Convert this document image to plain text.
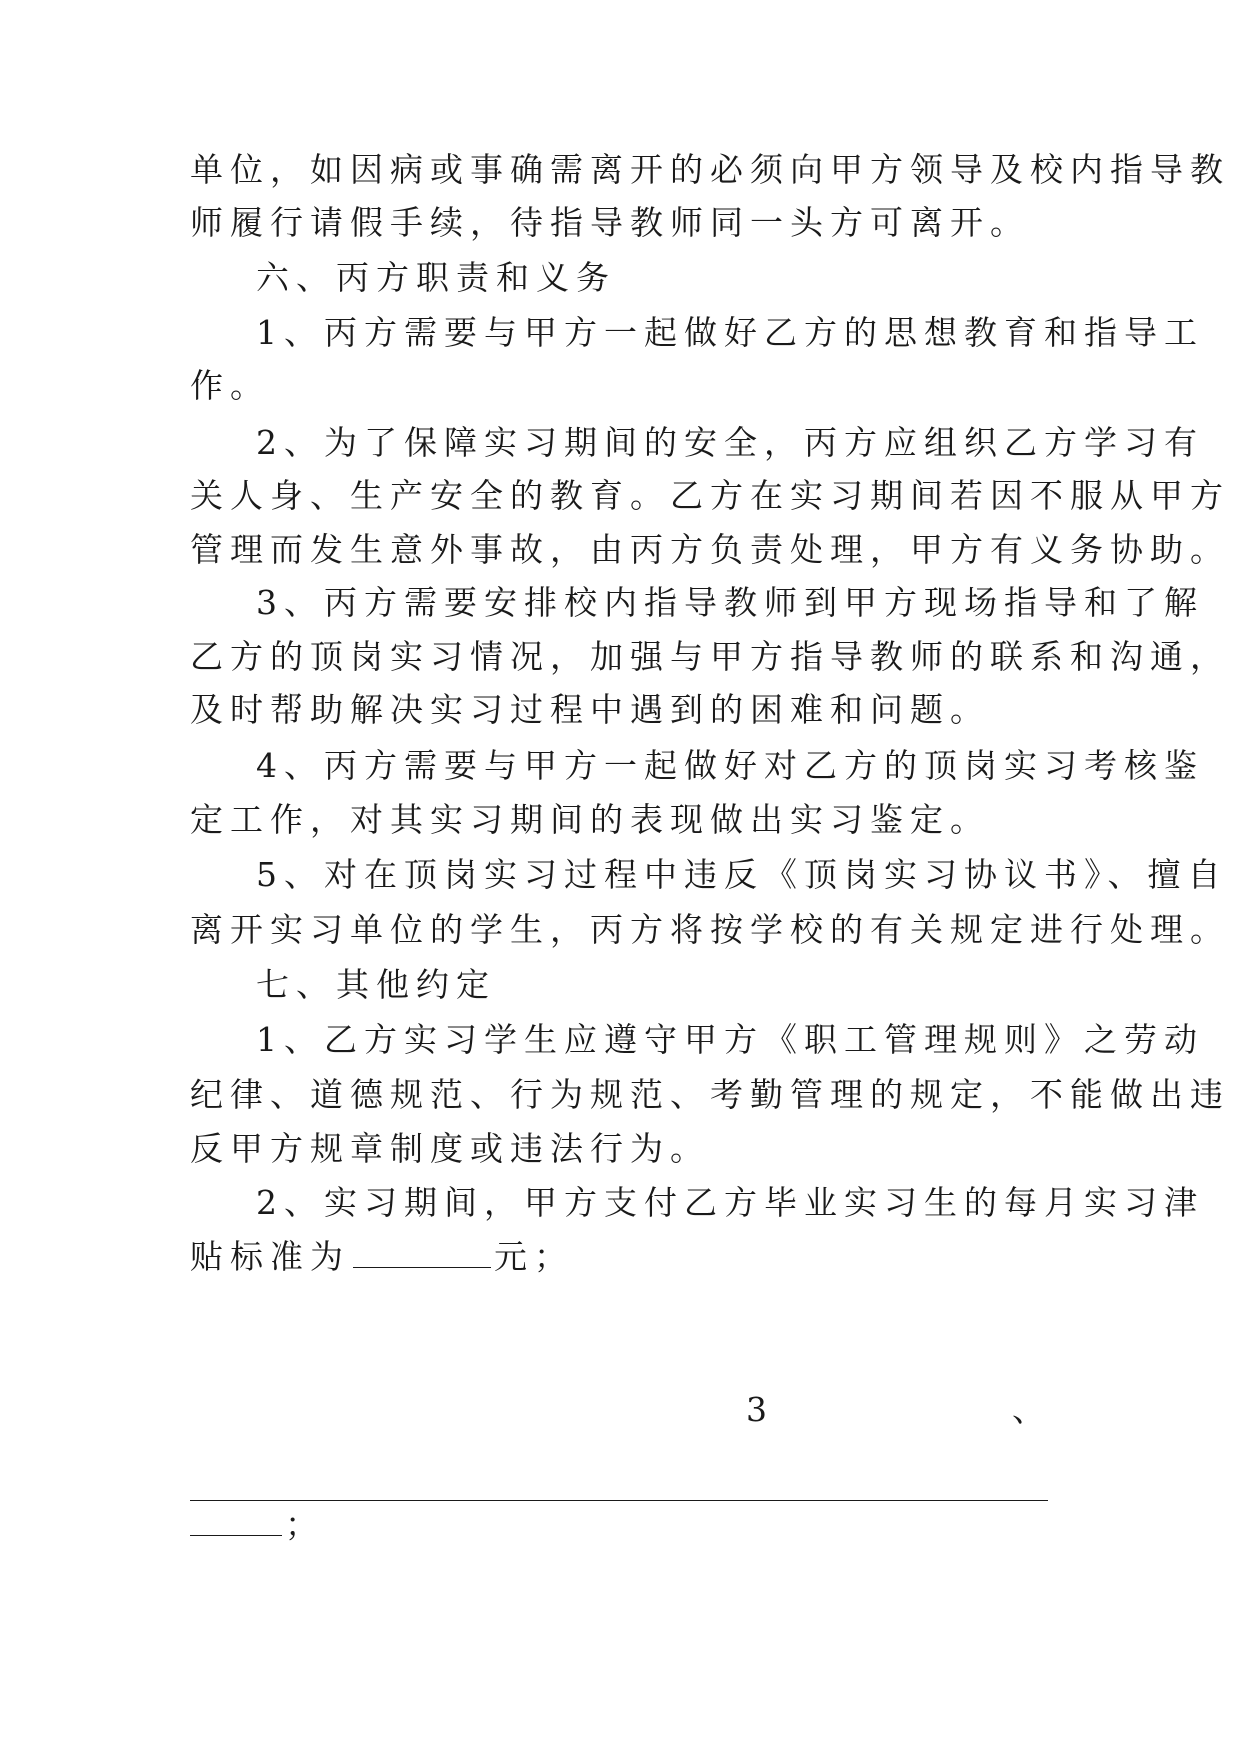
单位，如因病或事确需离开的必须向甲方领导及校内指导教
师履行请假手续，待指导教师同一头方可离开。
六、丙方职责和义务
1、丙方需要与甲方一起做好乙方的思想教育和指导工
作。
2、为了保障实习期间的安全，丙方应组织乙方学习有
关人身、生产安全的教育。乙方在实习期间若因不服从甲方
管理而发生意外事故，由丙方负责处理，甲方有义务协助。
3、丙方需要安排校内指导教师到甲方现场指导和了解
乙方的顶岗实习情况，加强与甲方指导教师的联系和沟通，
及时帮助解决实习过程中遇到的困难和问题。
4、丙方需要与甲方一起做好对乙方的顶岗实习考核鉴
定工作，对其实习期间的表现做出实习鉴定。
5、对在顶岗实习过程中违反《顶岗实习协议书》、擅自
离开实习单位的学生，丙方将按学校的有关规定进行处理。
七、其他约定
1、乙方实习学生应遵守甲方《职工管理规则》之劳动
纪律、道德规范、行为规范、考勤管理的规定，不能做出违
反甲方规章制度或违法行为。
2、实习期间，甲方支付乙方毕业实习生的每月实习津
贴标准为	元；
3	、
；
